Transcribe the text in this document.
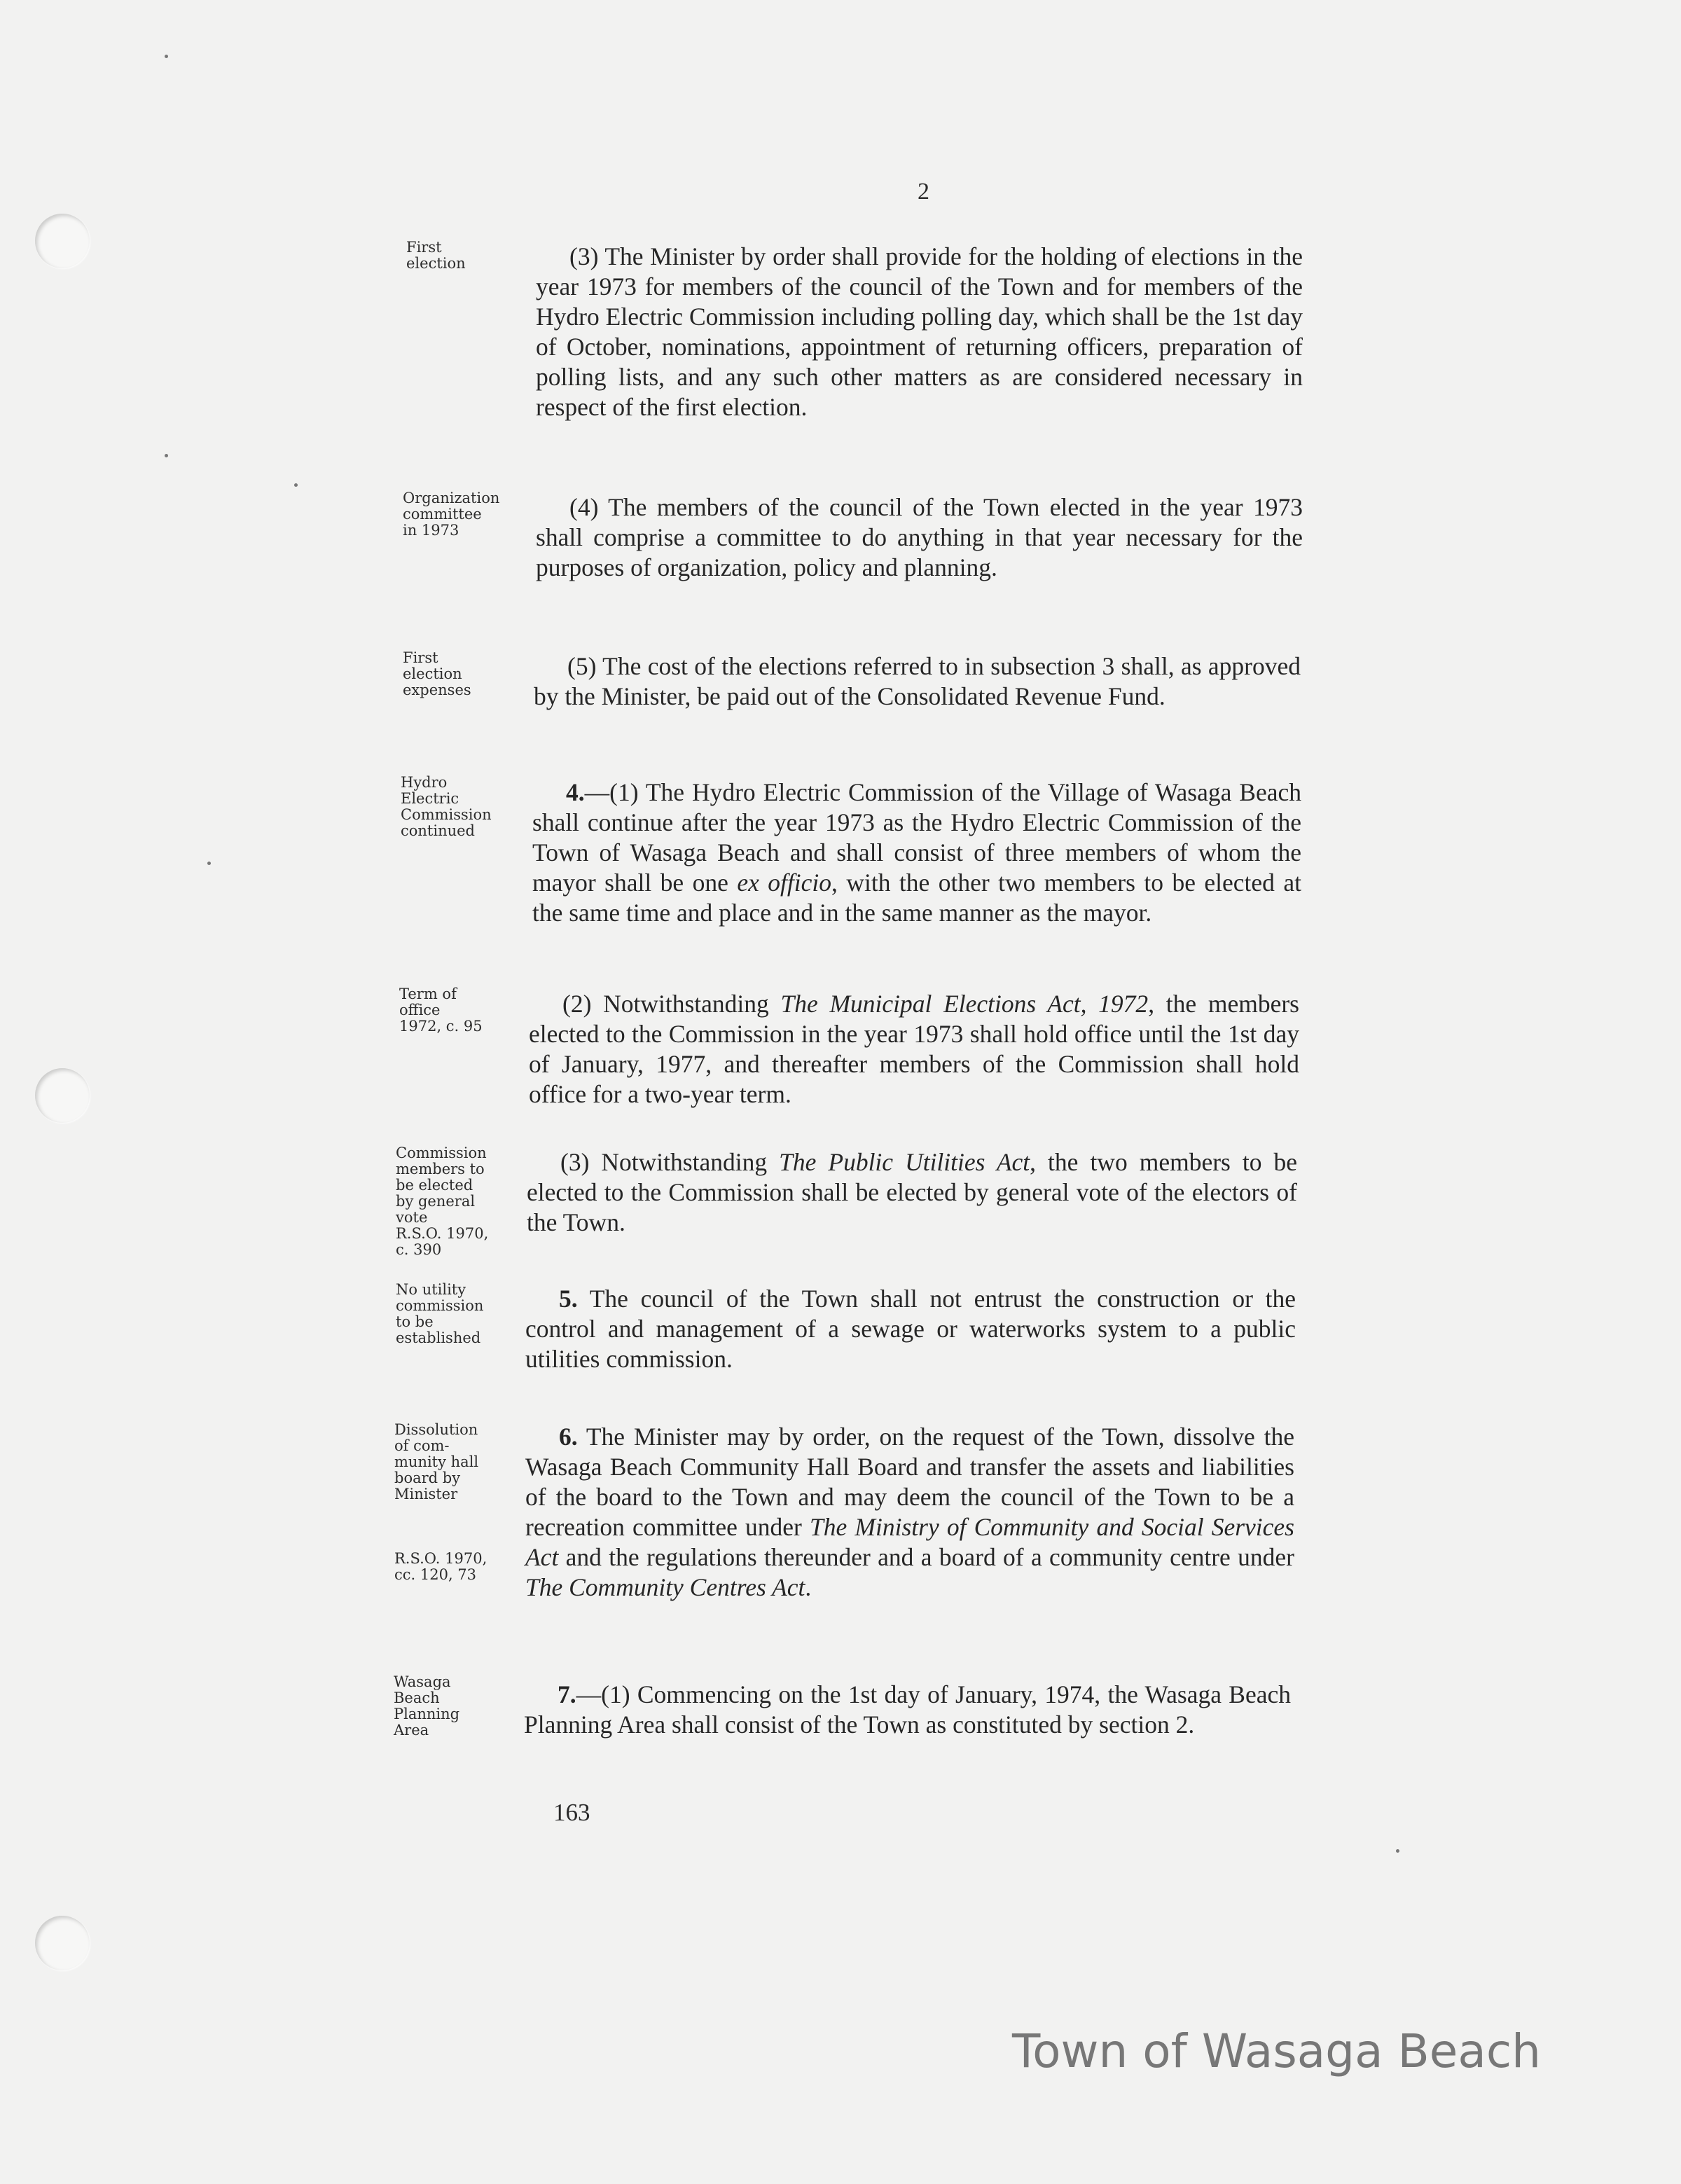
2
First
election	(3) The Minister by order shall provide for the holding of elections in the year 1973 for members of the council of the Town and for members of the Hydro Electric Commission including polling day, which shall be the 1st day of October, nominations, appointment of returning officers, preparation of polling lists, and any such other matters as are considered necessary in respect of the first election.
Organization
committee
in 1973
(4) The members of the council of the Town elected in the year 1973 shall comprise a committee to do anything in that year necessary for the purposes of organization, policy and planning.
First
election
expenses
(5) The cost of the elections referred to in subsection 3 shall, as approved by the Minister, be paid out of the Consolidated Revenue Fund.
Hydro
Electric
Commission
continued
4.—(1) The Hydro Electric Commission of the Village of Wasaga Beach shall continue after the year 1973 as the Hydro Electric Commission of the Town of Wasaga Beach and shall consist of three members of whom the mayor shall be one ex officio, with the other two members to be elected at the same time and place and in the same manner as the mayor.
Term of
office
1972, c. 95
(2) Notwithstanding The Municipal Elections Act, 1972, the members elected to the Commission in the year 1973 shall hold office until the 1st day of January, 1977, and thereafter members of the Commission shall hold office for a two-year term.
Commission
members to
be elected
by general
vote
R.S.O. 1970,
c. 390
(3) Notwithstanding The Public Utilities Act, the two members to be elected to the Commission shall be elected by general vote of the electors of the Town.
No utility
commission
to be
established
5. The council of the Town shall not entrust the construction or the control and management of a sewage or waterworks system to a public utilities commission.
Dissolution
of com-
munity hall
board by
Minister

R.S.O. 1970,
cc. 120, 73
6. The Minister may by order, on the request of the Town, dissolve the Wasaga Beach Community Hall Board and transfer the assets and liabilities of the board to the Town and may deem the council of the Town to be a recreation committee under The Ministry of Community and Social Services Act and the regulations thereunder and a board of a community centre under The Community Centres Act.
Wasaga
Beach
Planning
Area
7.—(1) Commencing on the 1st day of January, 1974, the Wasaga Beach Planning Area shall consist of the Town as constituted by section 2.
163
Town of Wasaga Beach
